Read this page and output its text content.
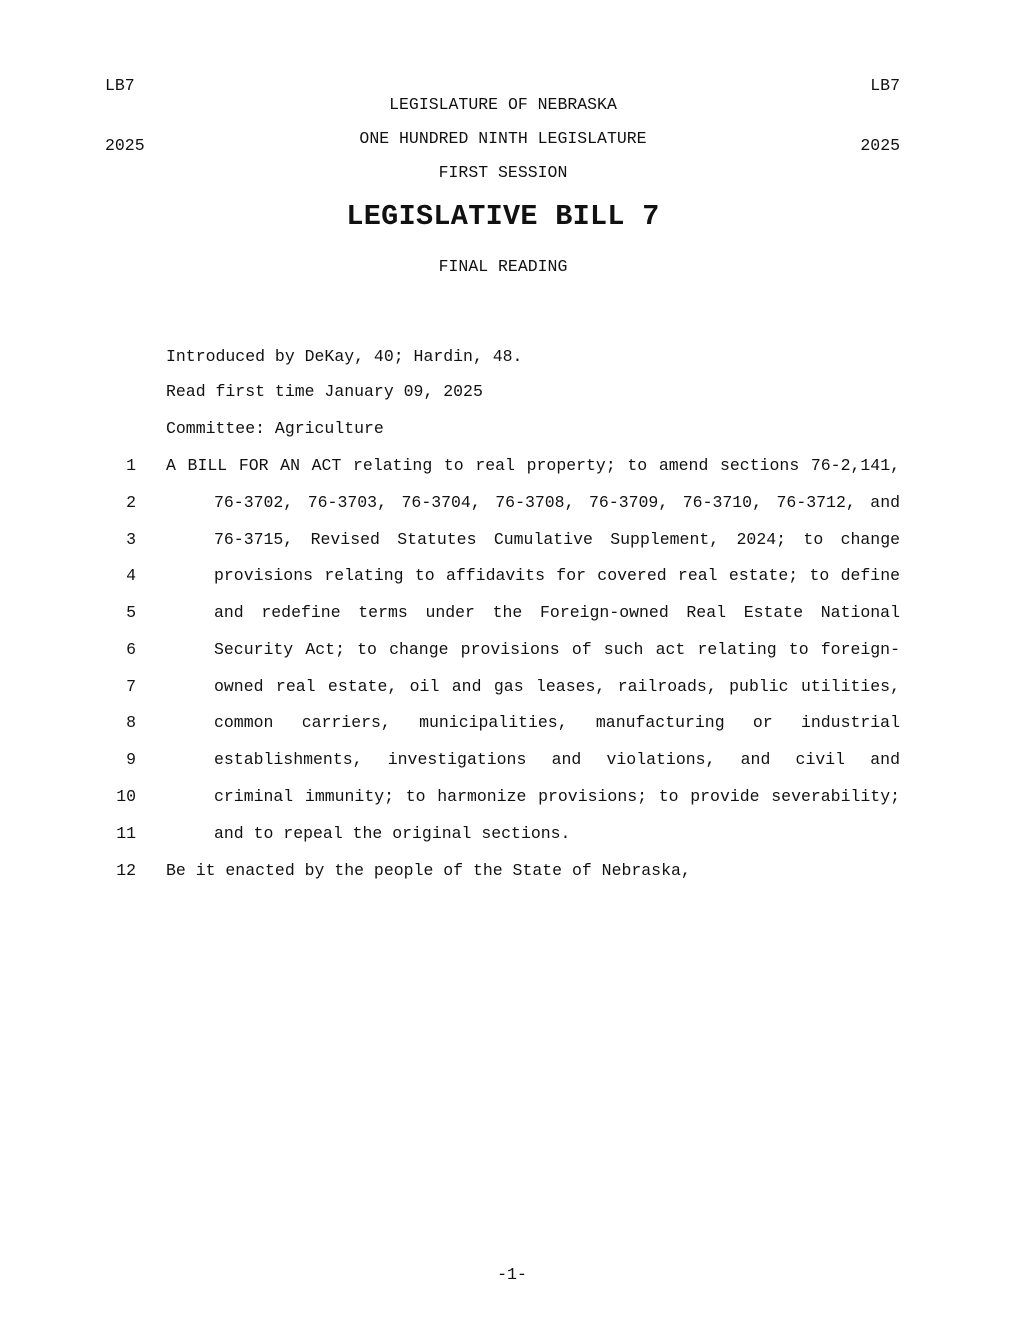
LB7

2025

LB7

2025

LEGISLATURE OF NEBRASKA
ONE HUNDRED NINTH LEGISLATURE
FIRST SESSION
LEGISLATIVE BILL 7
FINAL READING
Introduced by DeKay, 40; Hardin, 48.
Read first time January 09, 2025
Committee: Agriculture
1 A BILL FOR AN ACT relating to real property; to amend sections 76-2,141,
2	76-3702, 76-3703, 76-3704, 76-3708, 76-3709, 76-3710, 76-3712, and
3	76-3715, Revised Statutes Cumulative Supplement, 2024; to change
4	provisions relating to affidavits for covered real estate; to define
5	and redefine terms under the Foreign-owned Real Estate National
6	Security Act; to change provisions of such act relating to foreign-
7	owned real estate, oil and gas leases, railroads, public utilities,
8	common carriers, municipalities, manufacturing or industrial
9	establishments, investigations and violations, and civil and
10	criminal immunity; to harmonize provisions; to provide severability;
11	and to repeal the original sections.
12 Be it enacted by the people of the State of Nebraska,
-1-
